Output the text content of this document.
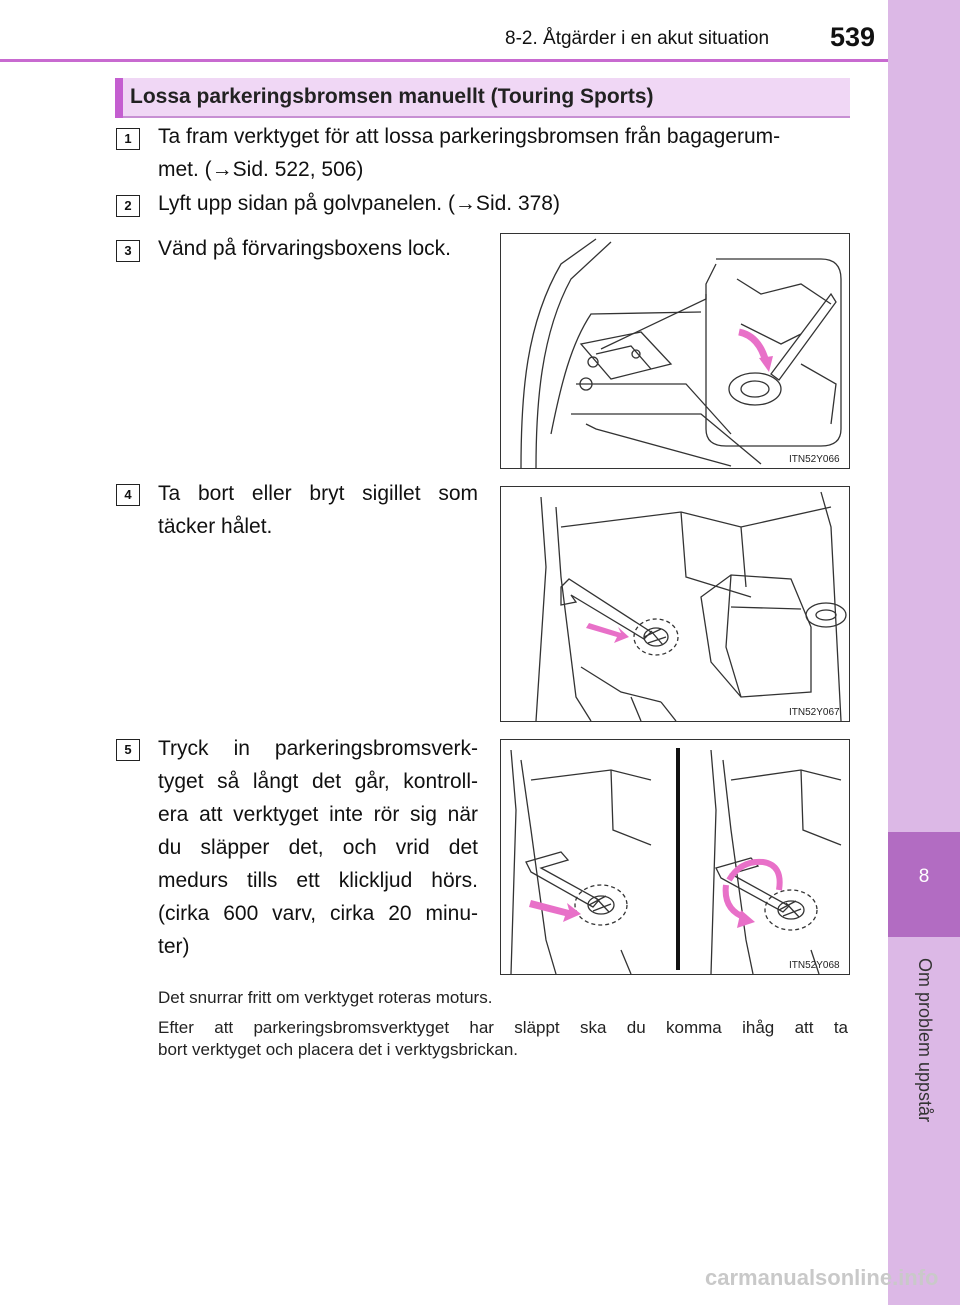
8-2. Åtgärder i en akut situation 539
8
Om problem uppstår
Lossa parkeringsbromsen manuellt (Touring Sports)
1	Ta fram verktyget för att lossa parkeringsbromsen från bagagerum-
met. (→Sid. 522, 506)
2	Lyft upp sidan på golvpanelen. (→Sid. 378)
3	Vänd på förvaringsboxens lock.
ITN52Y066
4	Ta bort eller bryt sigillet som
täcker hålet.
ITN52Y067
5	Tryck in parkeringsbromsverk-
tyget så långt det går, kontroll-
era att verktyget inte rör sig när
du släpper det, och vrid det
medurs tills ett klickljud hörs.
(cirka 600 varv, cirka 20 minu-
ter)
ITN52Y068
Det snurrar fritt om verktyget roteras moturs.
Efter att parkeringsbromsverktyget har släppt ska du komma ihåg att ta
bort verktyget och placera det i verktygsbrickan.
carmanualsonline.info
